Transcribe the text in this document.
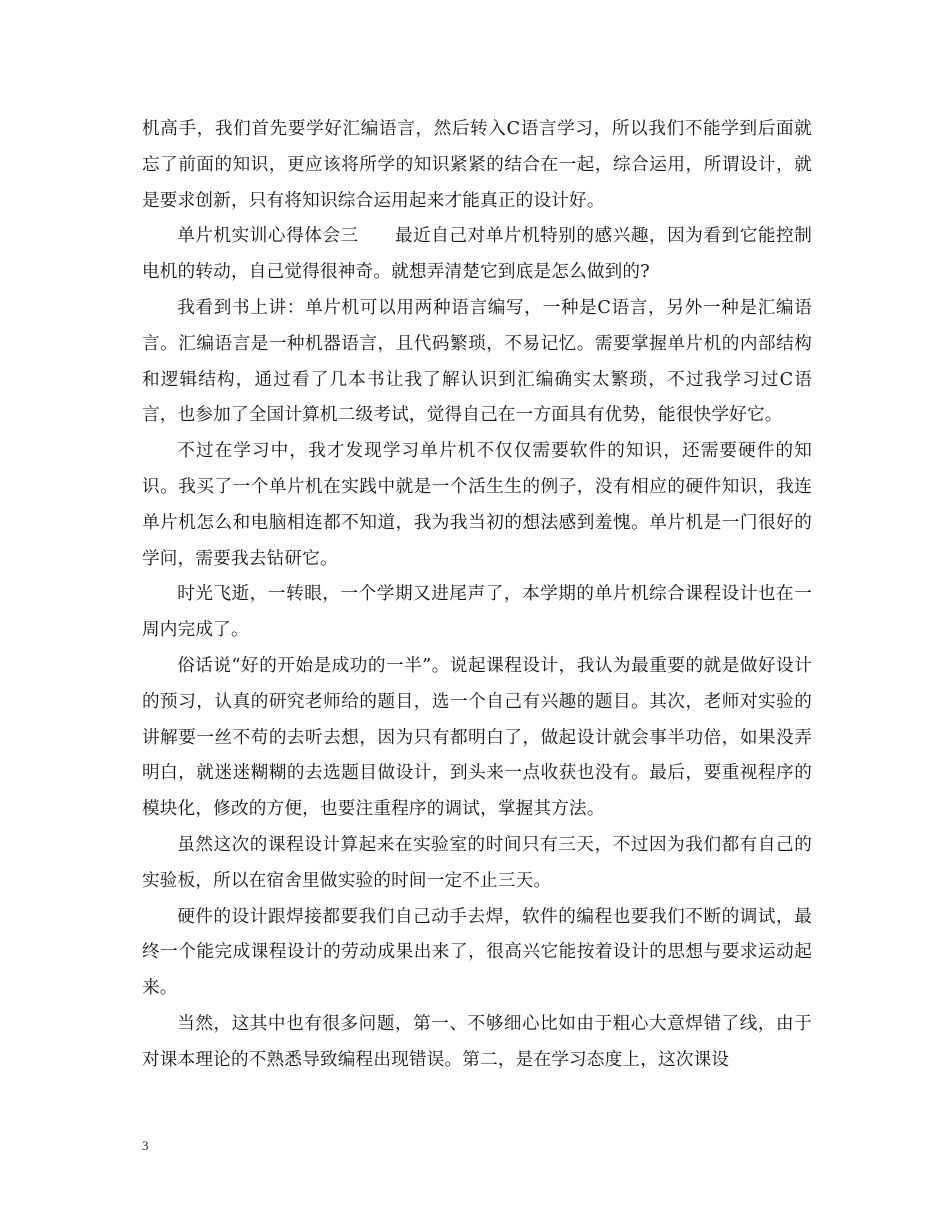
机高手，我们首先要学好汇编语言，然后转入C语言学习，所以我们不能学到后面就忘了前面的知识，更应该将所学的知识紧紧的结合在一起，综合运用，所谓设计，就是要求创新，只有将知识综合运用起来才能真正的设计好。

单片机实训心得体会三　　最近自己对单片机特别的感兴趣，因为看到它能控制电机的转动，自己觉得很神奇。就想弄清楚它到底是怎么做到的?

我看到书上讲：单片机可以用两种语言编写，一种是C语言，另外一种是汇编语言。汇编语言是一种机器语言，且代码繁琐，不易记忆。需要掌握单片机的内部结构和逻辑结构，通过看了几本书让我了解认识到汇编确实太繁琐，不过我学习过C语言，也参加了全国计算机二级考试，觉得自己在一方面具有优势，能很快学好它。

不过在学习中，我才发现学习单片机不仅仅需要软件的知识，还需要硬件的知识。我买了一个单片机在实践中就是一个活生生的例子，没有相应的硬件知识，我连单片机怎么和电脑相连都不知道，我为我当初的想法感到羞愧。单片机是一门很好的学问，需要我去钻研它。

时光飞逝，一转眼，一个学期又进尾声了，本学期的单片机综合课程设计也在一周内完成了。

俗话说“好的开始是成功的一半”。说起课程设计，我认为最重要的就是做好设计的预习，认真的研究老师给的题目，选一个自己有兴趣的题目。其次，老师对实验的讲解要一丝不苟的去听去想，因为只有都明白了，做起设计就会事半功倍，如果没弄明白，就迷迷糊糊的去选题目做设计，到头来一点收获也没有。最后，要重视程序的模块化，修改的方便，也要注重程序的调试，掌握其方法。

虽然这次的课程设计算起来在实验室的时间只有三天，不过因为我们都有自己的实验板，所以在宿舍里做实验的时间一定不止三天。

硬件的设计跟焊接都要我们自己动手去焊，软件的编程也要我们不断的调试，最终一个能完成课程设计的劳动成果出来了，很高兴它能按着设计的思想与要求运动起来。

当然，这其中也有很多问题，第一、不够细心比如由于粗心大意焊错了线，由于对课本理论的不熟悉导致编程出现错误。第二，是在学习态度上，这次课设

3
